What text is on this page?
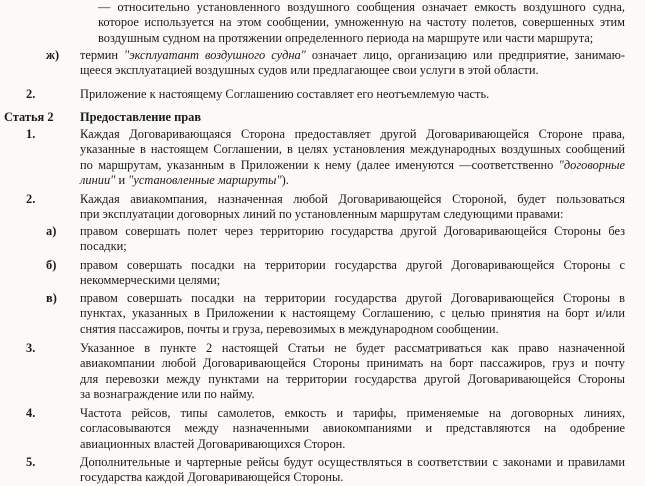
— относительно установленного воздушного сообщения означает емкость воздушного судна,
которое используется на этом сообщении, умноженную на частоту полетов, совершенных этим
воздушным судном на протяжении определенного периода на маршруте или части маршрута;
ж) термин "эксплуатант воздушного судна" означает лицо, организацию или предприятие, занимаю-
щееся эксплуатацией воздушных судов или предлагающее свои услуги в этой области.
2.	Приложение к настоящему Соглашению составляет его неотъемлемую часть.
Статья 2 Предоставление прав
1.	Каждая Договаривающаяся Сторона предоставляет другой Договаривающейся Стороне права,
указанные в настоящем Соглашении, в целях установления международных воздушных сообщений
по маршрутам, указанным в Приложении к нему (далее именуются —соответственно "договорные
линии" и "установленные маршруты").
2.	Каждая авиакомпания, назначенная любой Договаривающейся Стороной, будет пользоваться
при эксплуатации договорных линий по установленным маршрутам следующими правами:
а) правом совершать полет через территорию государства другой Договаривающейся Стороны без
посадки;
б) правом совершать посадки на территории государства другой Договаривающейся Стороны с
некоммерческими целями;
в) правом совершать посадки на территории государства другой Договаривающейся Стороны в
пунктах, указанных в Приложении к настоящему Соглашению, с целью принятия на борт и/или
снятия пассажиров, почты и груза, перевозимых в международном сообщении.
3.	Указанное в пункте 2 настоящей Статьи не будет рассматриваться как право назначенной
авиакомпании любой Договаривающейся Стороны принимать на борт пассажиров, груз и почту
для перевозки между пунктами на территории государства другой Договаривающейся Стороны
за вознаграждение или по найму.
4.	Частота рейсов, типы самолетов, емкость и тарифы, применяемые на договорных линиях,
согласовываются между назначенными авиокомпаниями и представляются на одобрение
авиационных властей Договаривающихся Сторон.
5.	Дополнительные и чартерные рейсы будут осуществляться в соответствии с законами и правилами
государства каждой Договаривающейся Стороны.
